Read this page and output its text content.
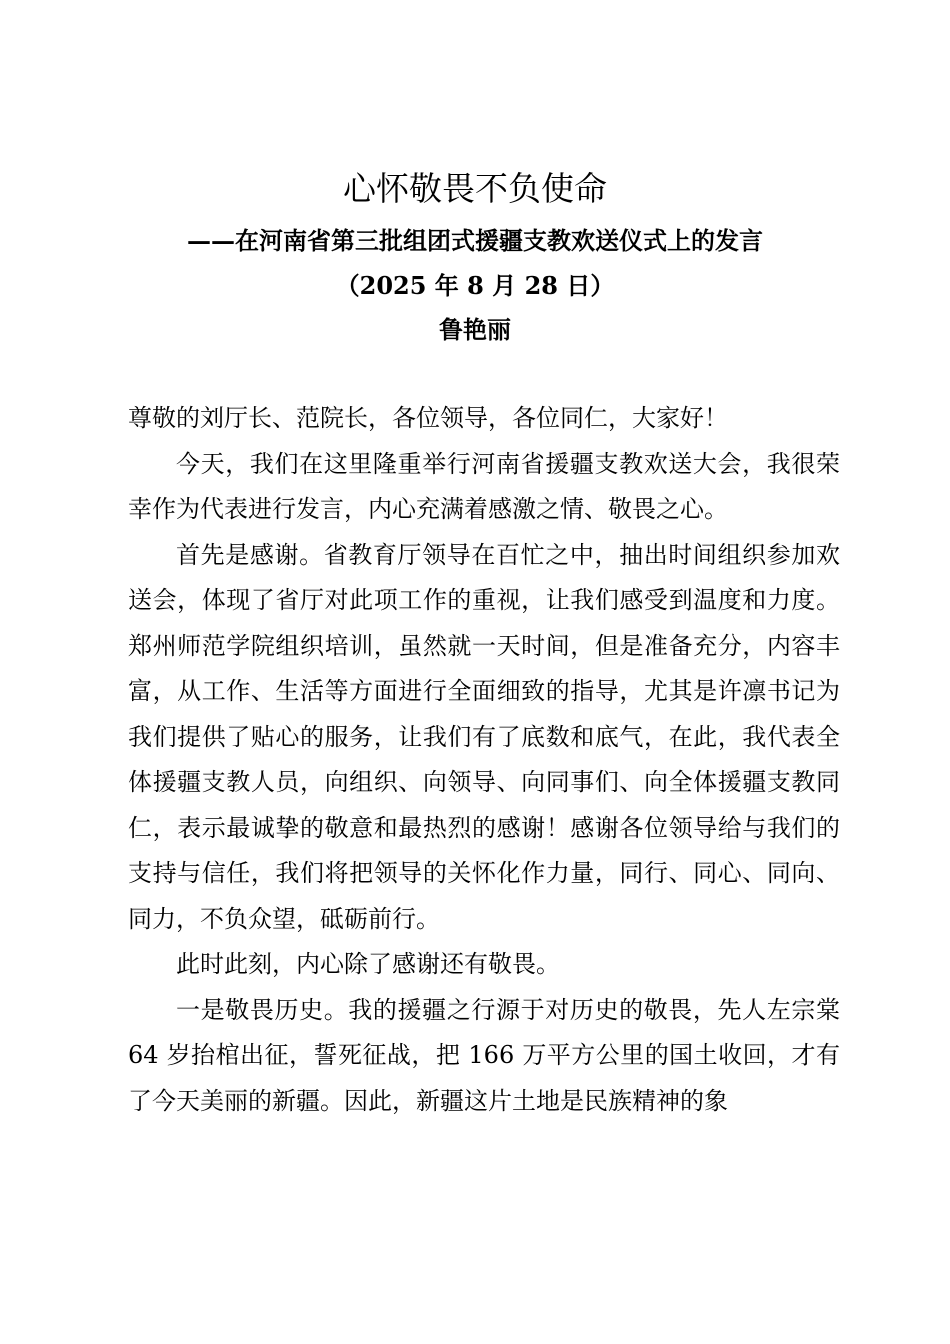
心怀敬畏不负使命
——在河南省第三批组团式援疆支教欢送仪式上的发言
（2025 年 8 月 28 日）
鲁艳丽

尊敬的刘厅长、范院长，各位领导，各位同仁，大家好！

今天，我们在这里隆重举行河南省援疆支教欢送大会，我很荣幸作为代表进行发言，内心充满着感激之情、敬畏之心。

首先是感谢。省教育厅领导在百忙之中，抽出时间组织参加欢送会，体现了省厅对此项工作的重视，让我们感受到温度和力度。郑州师范学院组织培训，虽然就一天时间，但是准备充分，内容丰富，从工作、生活等方面进行全面细致的指导，尤其是许凛书记为我们提供了贴心的服务，让我们有了底数和底气，在此，我代表全体援疆支教人员，向组织、向领导、向同事们、向全体援疆支教同仁，表示最诚挚的敬意和最热烈的感谢！感谢各位领导给与我们的支持与信任，我们将把领导的关怀化作力量，同行、同心、同向、同力，不负众望，砥砺前行。

此时此刻，内心除了感谢还有敬畏。

一是敬畏历史。我的援疆之行源于对历史的敬畏，先人左宗棠 64 岁抬棺出征，誓死征战，把 166 万平方公里的国土收回，才有了今天美丽的新疆。因此，新疆这片土地是民族精神的象
